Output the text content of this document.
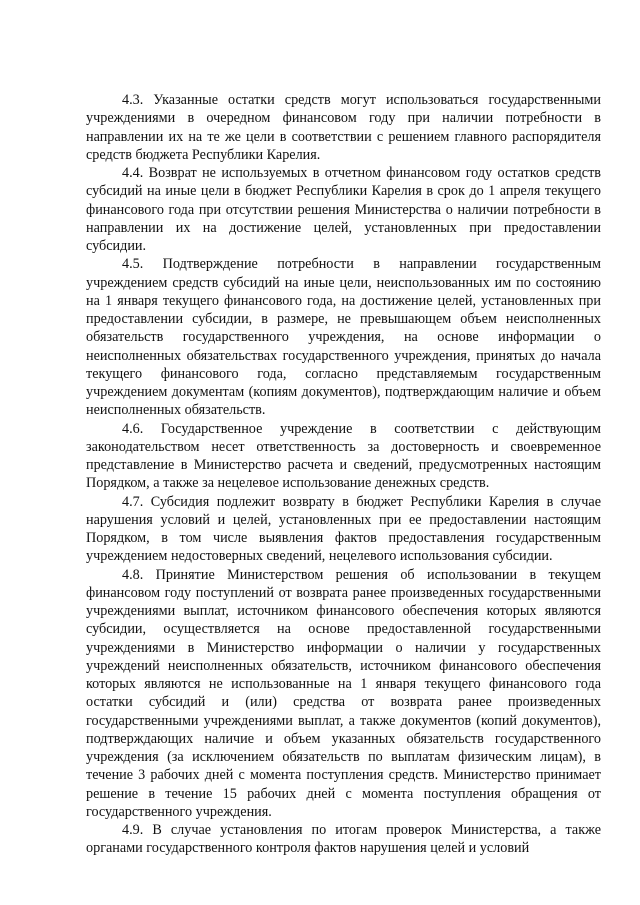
4.3. Указанные остатки средств могут использоваться государственными учреждениями в очередном финансовом году при наличии потребности в направлении их на те же цели в соответствии с решением главного распорядителя средств бюджета Республики Карелия.

4.4. Возврат не используемых в отчетном финансовом году остатков средств субсидий на иные цели в бюджет Республики Карелия в срок до 1 апреля текущего финансового года при отсутствии решения Министерства о наличии потребности в направлении их на достижение целей, установленных при предоставлении субсидии.

4.5. Подтверждение потребности в направлении государственным учреждением средств субсидий на иные цели, неиспользованных им по состоянию на 1 января текущего финансового года, на достижение целей, установленных при предоставлении субсидии, в размере, не превышающем объем неисполненных обязательств государственного учреждения, на основе информации о неисполненных обязательствах государственного учреждения, принятых до начала текущего финансового года, согласно представляемым государственным учреждением документам (копиям документов), подтверждающим наличие и объем неисполненных обязательств.

4.6. Государственное учреждение в соответствии с действующим законодательством несет ответственность за достоверность и своевременное представление в Министерство расчета и сведений, предусмотренных настоящим Порядком, а также за нецелевое использование денежных средств.

4.7. Субсидия подлежит возврату в бюджет Республики Карелия в случае нарушения условий и целей, установленных при ее предоставлении настоящим Порядком, в том числе выявления фактов предоставления государственным учреждением недостоверных сведений, нецелевого использования субсидии.

4.8. Принятие Министерством решения об использовании в текущем финансовом году поступлений от возврата ранее произведенных государственными учреждениями выплат, источником финансового обеспечения которых являются субсидии, осуществляется на основе предоставленной государственными учреждениями в Министерство информации о наличии у государственных учреждений неисполненных обязательств, источником финансового обеспечения которых являются не использованные на 1 января текущего финансового года остатки субсидий и (или) средства от возврата ранее произведенных государственными учреждениями выплат, а также документов (копий документов), подтверждающих наличие и объем указанных обязательств государственного учреждения (за исключением обязательств по выплатам физическим лицам), в течение 3 рабочих дней с момента поступления средств. Министерство принимает решение в течение 15 рабочих дней с момента поступления обращения от государственного учреждения.

4.9. В случае установления по итогам проверок Министерства, а также органами государственного контроля фактов нарушения целей и условий
